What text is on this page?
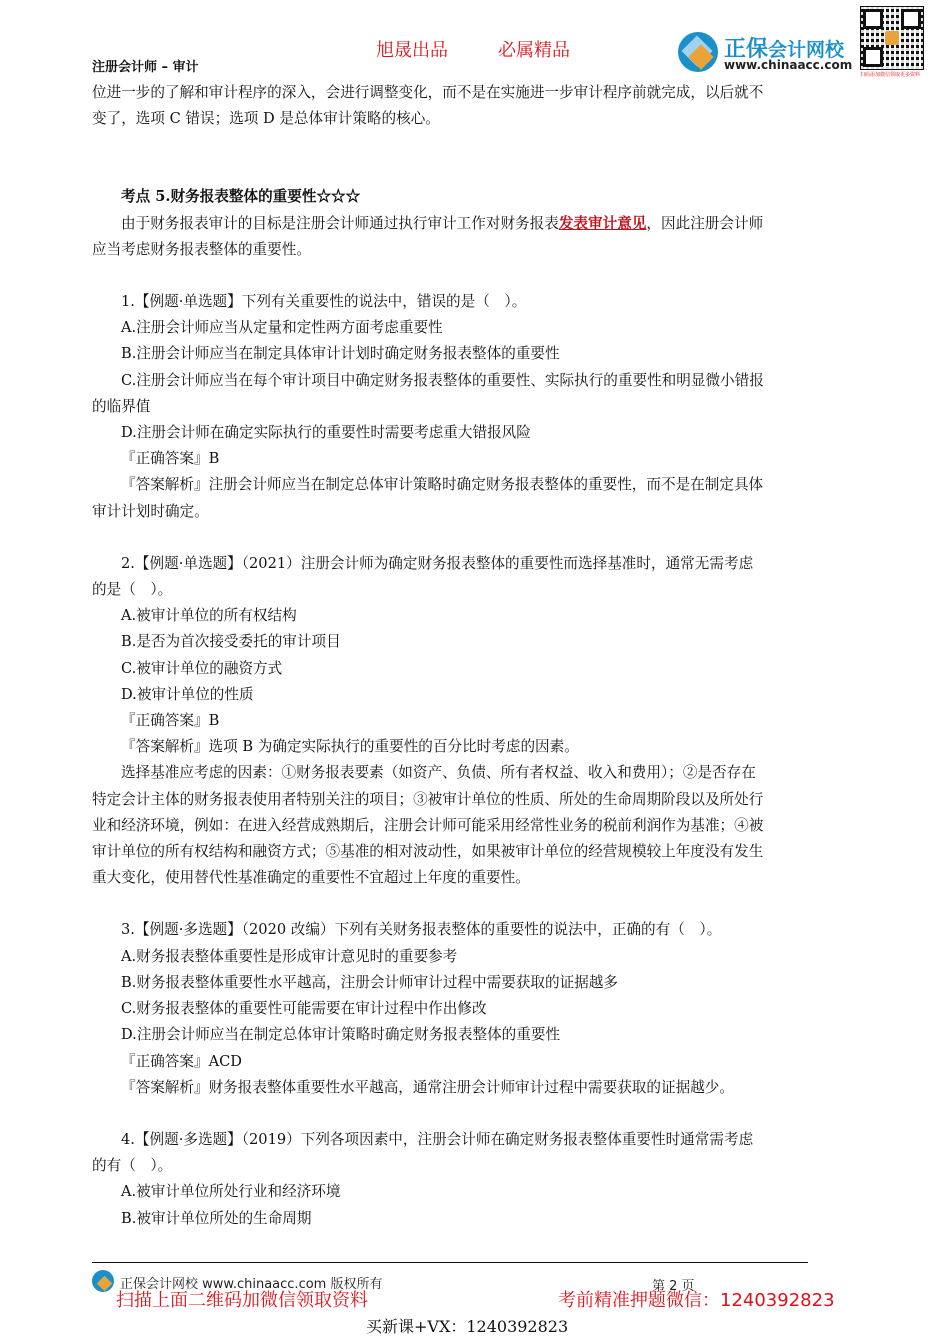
旭晟出品	必属精品
注册会计师 – 审计
正保会计网校
www.chinaacc.com
扫码添加微信领取更多资料

位进一步的了解和审计程序的深入，会进行调整变化，而不是在实施进一步审计程序前就完成，以后就不

变了，选项 C 错误；选项 D 是总体审计策略的核心。

考点 5.财务报表整体的重要性☆☆☆

由于财务报表审计的目标是注册会计师通过执行审计工作对财务报表发表审计意见，因此注册会计师

应当考虑财务报表整体的重要性。

1.【例题·单选题】下列有关重要性的说法中，错误的是（　）。

A.注册会计师应当从定量和定性两方面考虑重要性

B.注册会计师应当在制定具体审计计划时确定财务报表整体的重要性

C.注册会计师应当在每个审计项目中确定财务报表整体的重要性、实际执行的重要性和明显微小错报

的临界值

D.注册会计师在确定实际执行的重要性时需要考虑重大错报风险

『正确答案』B

『答案解析』注册会计师应当在制定总体审计策略时确定财务报表整体的重要性，而不是在制定具体

审计计划时确定。

2.【例题·单选题】（2021）注册会计师为确定财务报表整体的重要性而选择基准时，通常无需考虑

的是（　）。

A.被审计单位的所有权结构

B.是否为首次接受委托的审计项目

C.被审计单位的融资方式

D.被审计单位的性质

『正确答案』B

『答案解析』选项 B 为确定实际执行的重要性的百分比时考虑的因素。

选择基准应考虑的因素：①财务报表要素（如资产、负债、所有者权益、收入和费用）；②是否存在

特定会计主体的财务报表使用者特别关注的项目；③被审计单位的性质、所处的生命周期阶段以及所处行

业和经济环境，例如：在进入经营成熟期后，注册会计师可能采用经常性业务的税前利润作为基准；④被

审计单位的所有权结构和融资方式；⑤基准的相对波动性，如果被审计单位的经营规模较上年度没有发生

重大变化，使用替代性基准确定的重要性不宜超过上年度的重要性。

3.【例题·多选题】（2020 改编）下列有关财务报表整体的重要性的说法中，正确的有（　）。

A.财务报表整体重要性是形成审计意见时的重要参考

B.财务报表整体重要性水平越高，注册会计师审计过程中需要获取的证据越多

C.财务报表整体的重要性可能需要在审计过程中作出修改

D.注册会计师应当在制定总体审计策略时确定财务报表整体的重要性

『正确答案』ACD

『答案解析』财务报表整体重要性水平越高，通常注册会计师审计过程中需要获取的证据越少。

4.【例题·多选题】（2019）下列各项因素中，注册会计师在确定财务报表整体重要性时通常需考虑

的有（　）。

A.被审计单位所处行业和经济环境

B.被审计单位所处的生命周期

正保会计网校 www.chinaacc.com 版权所有	第 2 页
扫描上面二维码加微信领取资料	考前精准押题微信：1240392823
买新课+VX：1240392823
